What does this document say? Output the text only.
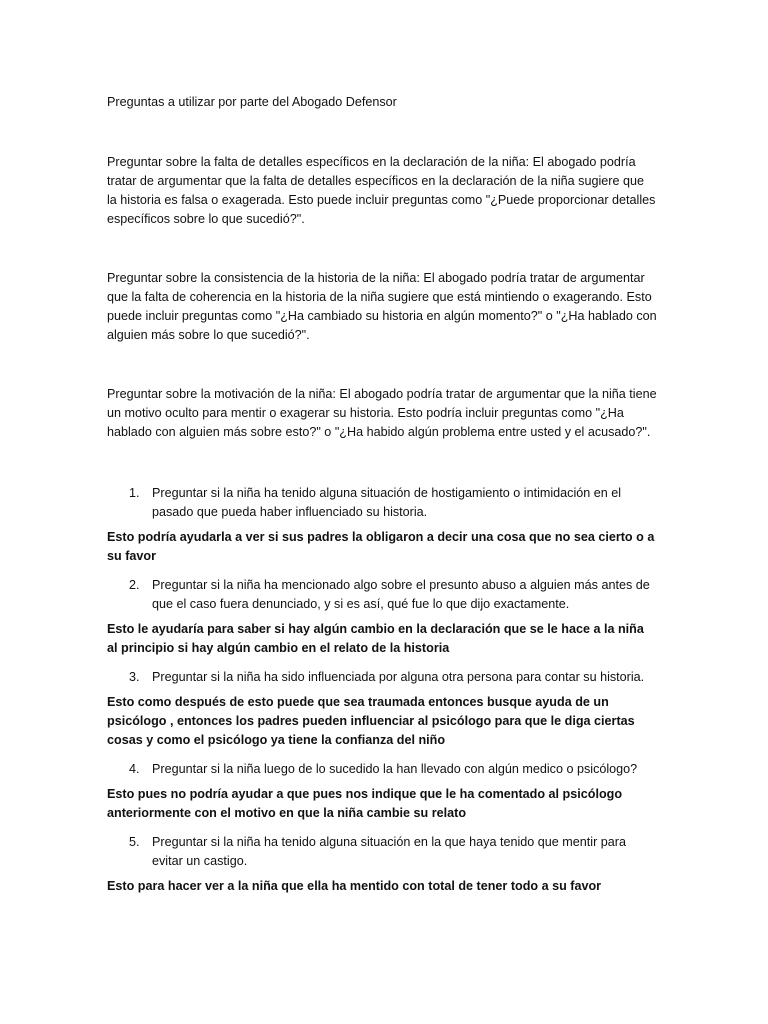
Preguntas a utilizar por parte del Abogado Defensor

Preguntar sobre la falta de detalles específicos en la declaración de la niña: El abogado podría tratar de argumentar que la falta de detalles específicos en la declaración de la niña sugiere que la historia es falsa o exagerada. Esto puede incluir preguntas como "¿Puede proporcionar detalles específicos sobre lo que sucedió?".

Preguntar sobre la consistencia de la historia de la niña: El abogado podría tratar de argumentar que la falta de coherencia en la historia de la niña sugiere que está mintiendo o exagerando. Esto puede incluir preguntas como "¿Ha cambiado su historia en algún momento?" o "¿Ha hablado con alguien más sobre lo que sucedió?".

Preguntar sobre la motivación de la niña: El abogado podría tratar de argumentar que la niña tiene un motivo oculto para mentir o exagerar su historia. Esto podría incluir preguntas como "¿Ha hablado con alguien más sobre esto?" o "¿Ha habido algún problema entre usted y el acusado?".

1. Preguntar si la niña ha tenido alguna situación de hostigamiento o intimidación en el pasado que pueda haber influenciado su historia.

Esto podría ayudarla a ver si sus padres la obligaron a decir una cosa que no sea cierto o a su favor

2. Preguntar si la niña ha mencionado algo sobre el presunto abuso a alguien más antes de que el caso fuera denunciado, y si es así, qué fue lo que dijo exactamente.

Esto le ayudaría para saber si hay algún cambio en la declaración que se le hace a la niña al principio si hay algún cambio en el relato de la historia

3. Preguntar si la niña ha sido influenciada por alguna otra persona para contar su historia.

Esto como después de esto puede que sea traumada entonces busque ayuda de un psicólogo , entonces los padres pueden influenciar al psicólogo para que le diga ciertas cosas y como el psicólogo ya tiene la confianza del niño

4. Preguntar si la niña luego de lo sucedido la han llevado con algún medico o psicólogo?

Esto pues no podría ayudar a que pues nos indique que le ha comentado al psicólogo anteriormente con el motivo en que la niña cambie su relato

5. Preguntar si la niña ha tenido alguna situación en la que haya tenido que mentir para evitar un castigo.

Esto para hacer ver a la niña que ella ha mentido con total de tener todo a su favor
